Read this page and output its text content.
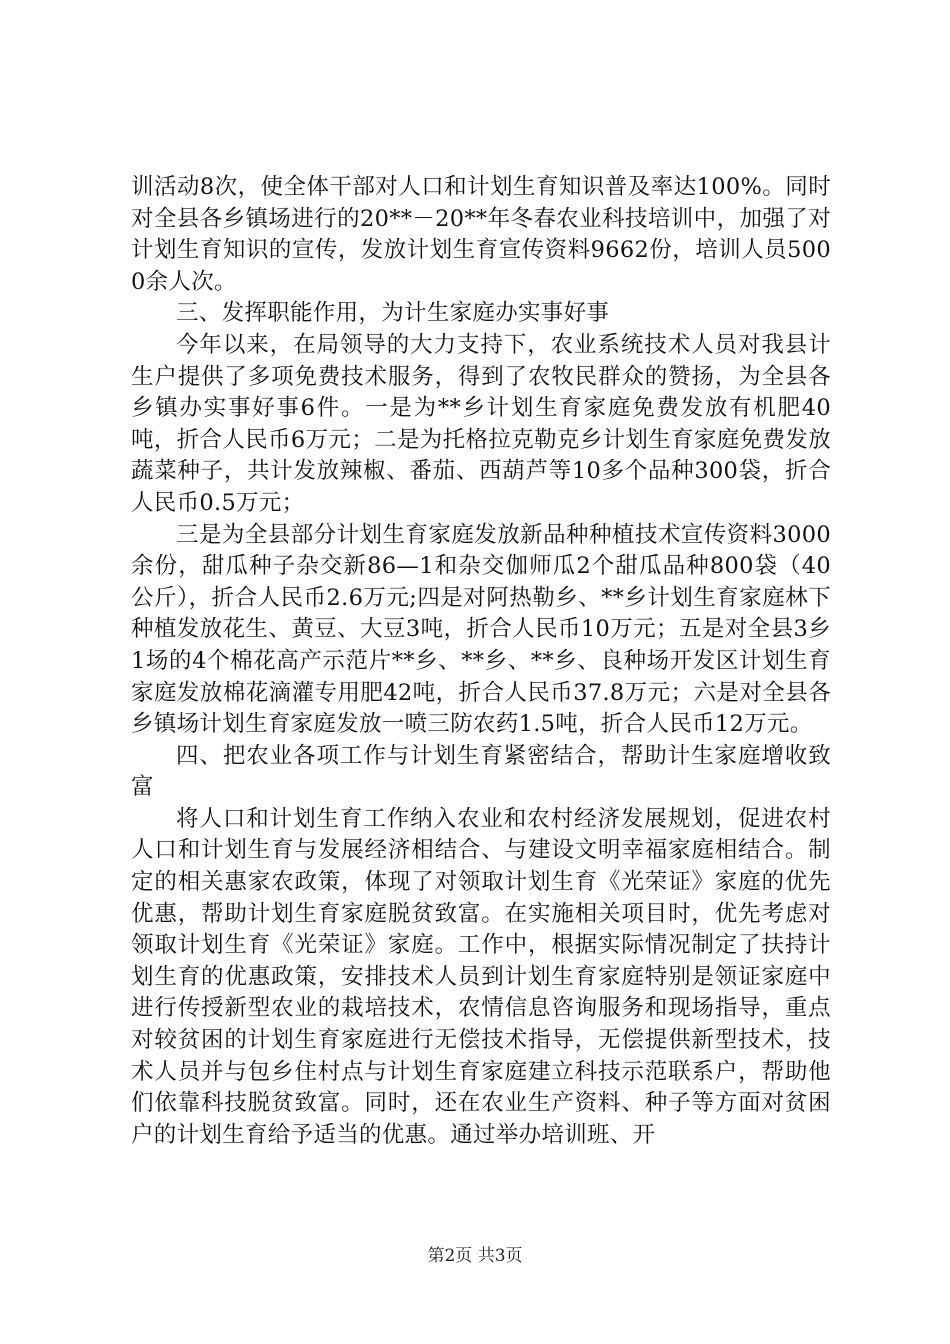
训活动8次，使全体干部对人口和计划生育知识普及率达100%。同时对全县各乡镇场进行的20**－20**年冬春农业科技培训中，加强了对计划生育知识的宣传，发放计划生育宣传资料9662份，培训人员5000余人次。

三、发挥职能作用，为计生家庭办实事好事

今年以来，在局领导的大力支持下，农业系统技术人员对我县计生户提供了多项免费技术服务，得到了农牧民群众的赞扬，为全县各乡镇办实事好事6件。一是为**乡计划生育家庭免费发放有机肥40吨，折合人民币6万元；二是为托格拉克勒克乡计划生育家庭免费发放蔬菜种子，共计发放辣椒、番茄、西葫芦等10多个品种300袋，折合人民币0.5万元；

三是为全县部分计划生育家庭发放新品种种植技术宣传资料3000余份，甜瓜种子杂交新86—1和杂交伽师瓜2个甜瓜品种800袋（40公斤），折合人民币2.6万元;四是对阿热勒乡、**乡计划生育家庭林下种植发放花生、黄豆、大豆3吨，折合人民币10万元；五是对全县3乡1场的4个棉花高产示范片**乡、**乡、**乡、良种场开发区计划生育家庭发放棉花滴灌专用肥42吨，折合人民币37.8万元；六是对全县各乡镇场计划生育家庭发放一喷三防农药1.5吨，折合人民币12万元。

四、把农业各项工作与计划生育紧密结合，帮助计生家庭增收致富

将人口和计划生育工作纳入农业和农村经济发展规划，促进农村人口和计划生育与发展经济相结合、与建设文明幸福家庭相结合。制定的相关惠家农政策，体现了对领取计划生育《光荣证》家庭的优先优惠，帮助计划生育家庭脱贫致富。在实施相关项目时，优先考虑对领取计划生育《光荣证》家庭。工作中，根据实际情况制定了扶持计划生育的优惠政策，安排技术人员到计划生育家庭特别是领证家庭中进行传授新型农业的栽培技术，农情信息咨询服务和现场指导，重点对较贫困的计划生育家庭进行无偿技术指导，无偿提供新型技术，技术人员并与包乡住村点与计划生育家庭建立科技示范联系户，帮助他们依靠科技脱贫致富。同时，还在农业生产资料、种子等方面对贫困户的计划生育给予适当的优惠。通过举办培训班、开

第2页 共3页
